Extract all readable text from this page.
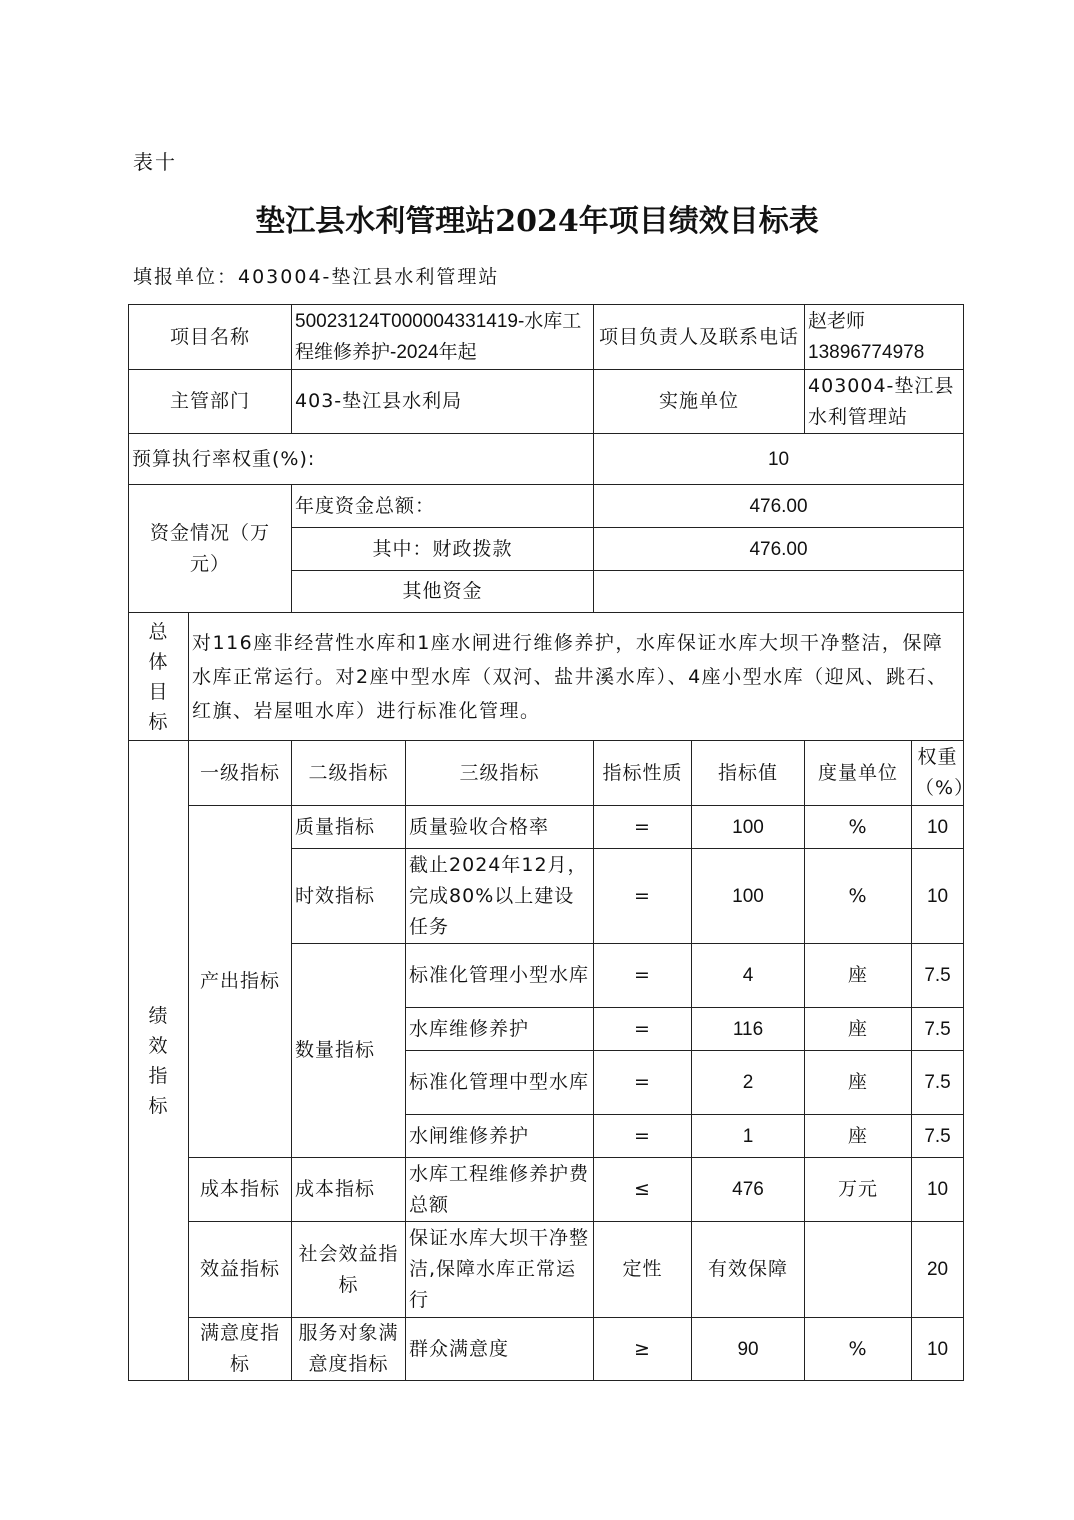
表十
垫江县水利管理站2024年项目绩效目标表
填报单位：403004-垫江县水利管理站
项目名称		50023124T000004331419-水库工程维修养护-2024年起		项目负责人及联系电话		赵老师13896774978	
主管部门		403-垫江县水利局		实施单位		403004-垫江县水利管理站	
预算执行率权重(%):				10			
资金情况（万元）		年度资金总额：		476.00			
		其中：财政拨款		476.00			
		其他资金					
总体目标	对116座非经营性水库和1座水闸进行维修养护，水库保证水库大坝干净整洁，保障水库正常运行。对2座中型水库（双河、盐井溪水库）、4座小型水库（迎风、跳石、红旗、岩屋咀水库）进行标准化管理。						
绩效指标	一级指标	二级指标	三级指标	指标性质	指标值	度量单位	权重（%）
	产出指标	质量指标	质量验收合格率	=	100	%	10
		时效指标	截止2024年12月，完成80%以上建设任务	=	100	%	10
		数量指标	标准化管理小型水库	=	4	座	7.5
			水库维修养护	=	116	座	7.5
			标准化管理中型水库	=	2	座	7.5
			水闸维修养护	=	1	座	7.5
	成本指标	成本指标	水库工程维修养护费总额	≤	476	万元	10
	效益指标	社会效益指标	保证水库大坝干净整洁,保障水库正常运行	定性	有效保障		20
	满意度指标	服务对象满意度指标	群众满意度	≥	90	%	10
